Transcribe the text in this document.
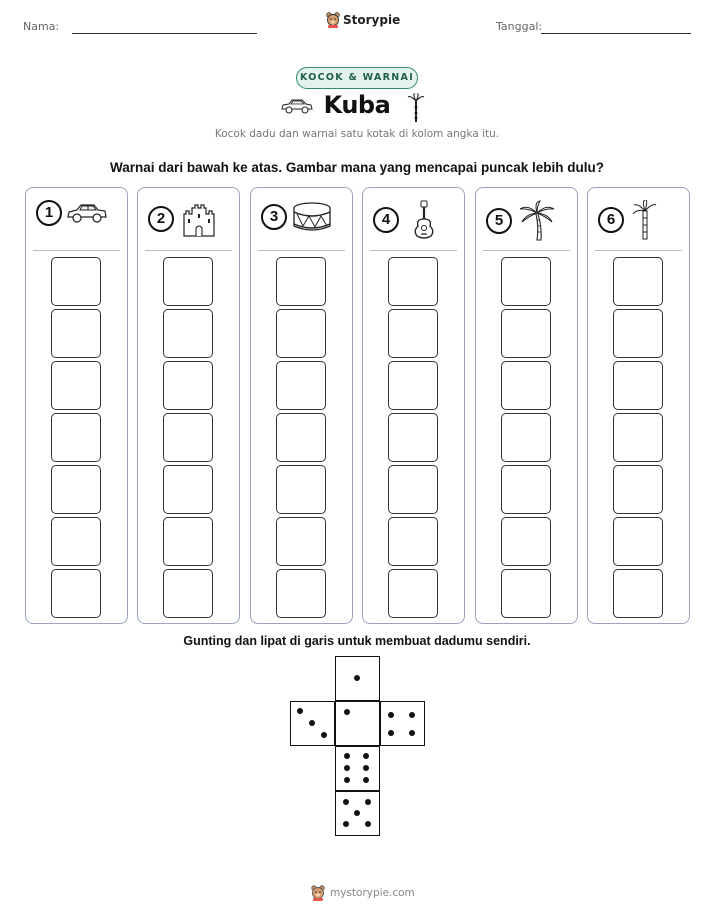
Nama:	Storypie	Tanggal:
KOCOK & WARNAI
Kuba
Kocok dadu dan warnai satu kotak di kolom angka itu.
Warnai dari bawah ke atas. Gambar mana yang mencapai puncak lebih dulu?
1	2	3	4	5	6
Gunting dan lipat di garis untuk membuat dadumu sendiri.
mystorypie.com
